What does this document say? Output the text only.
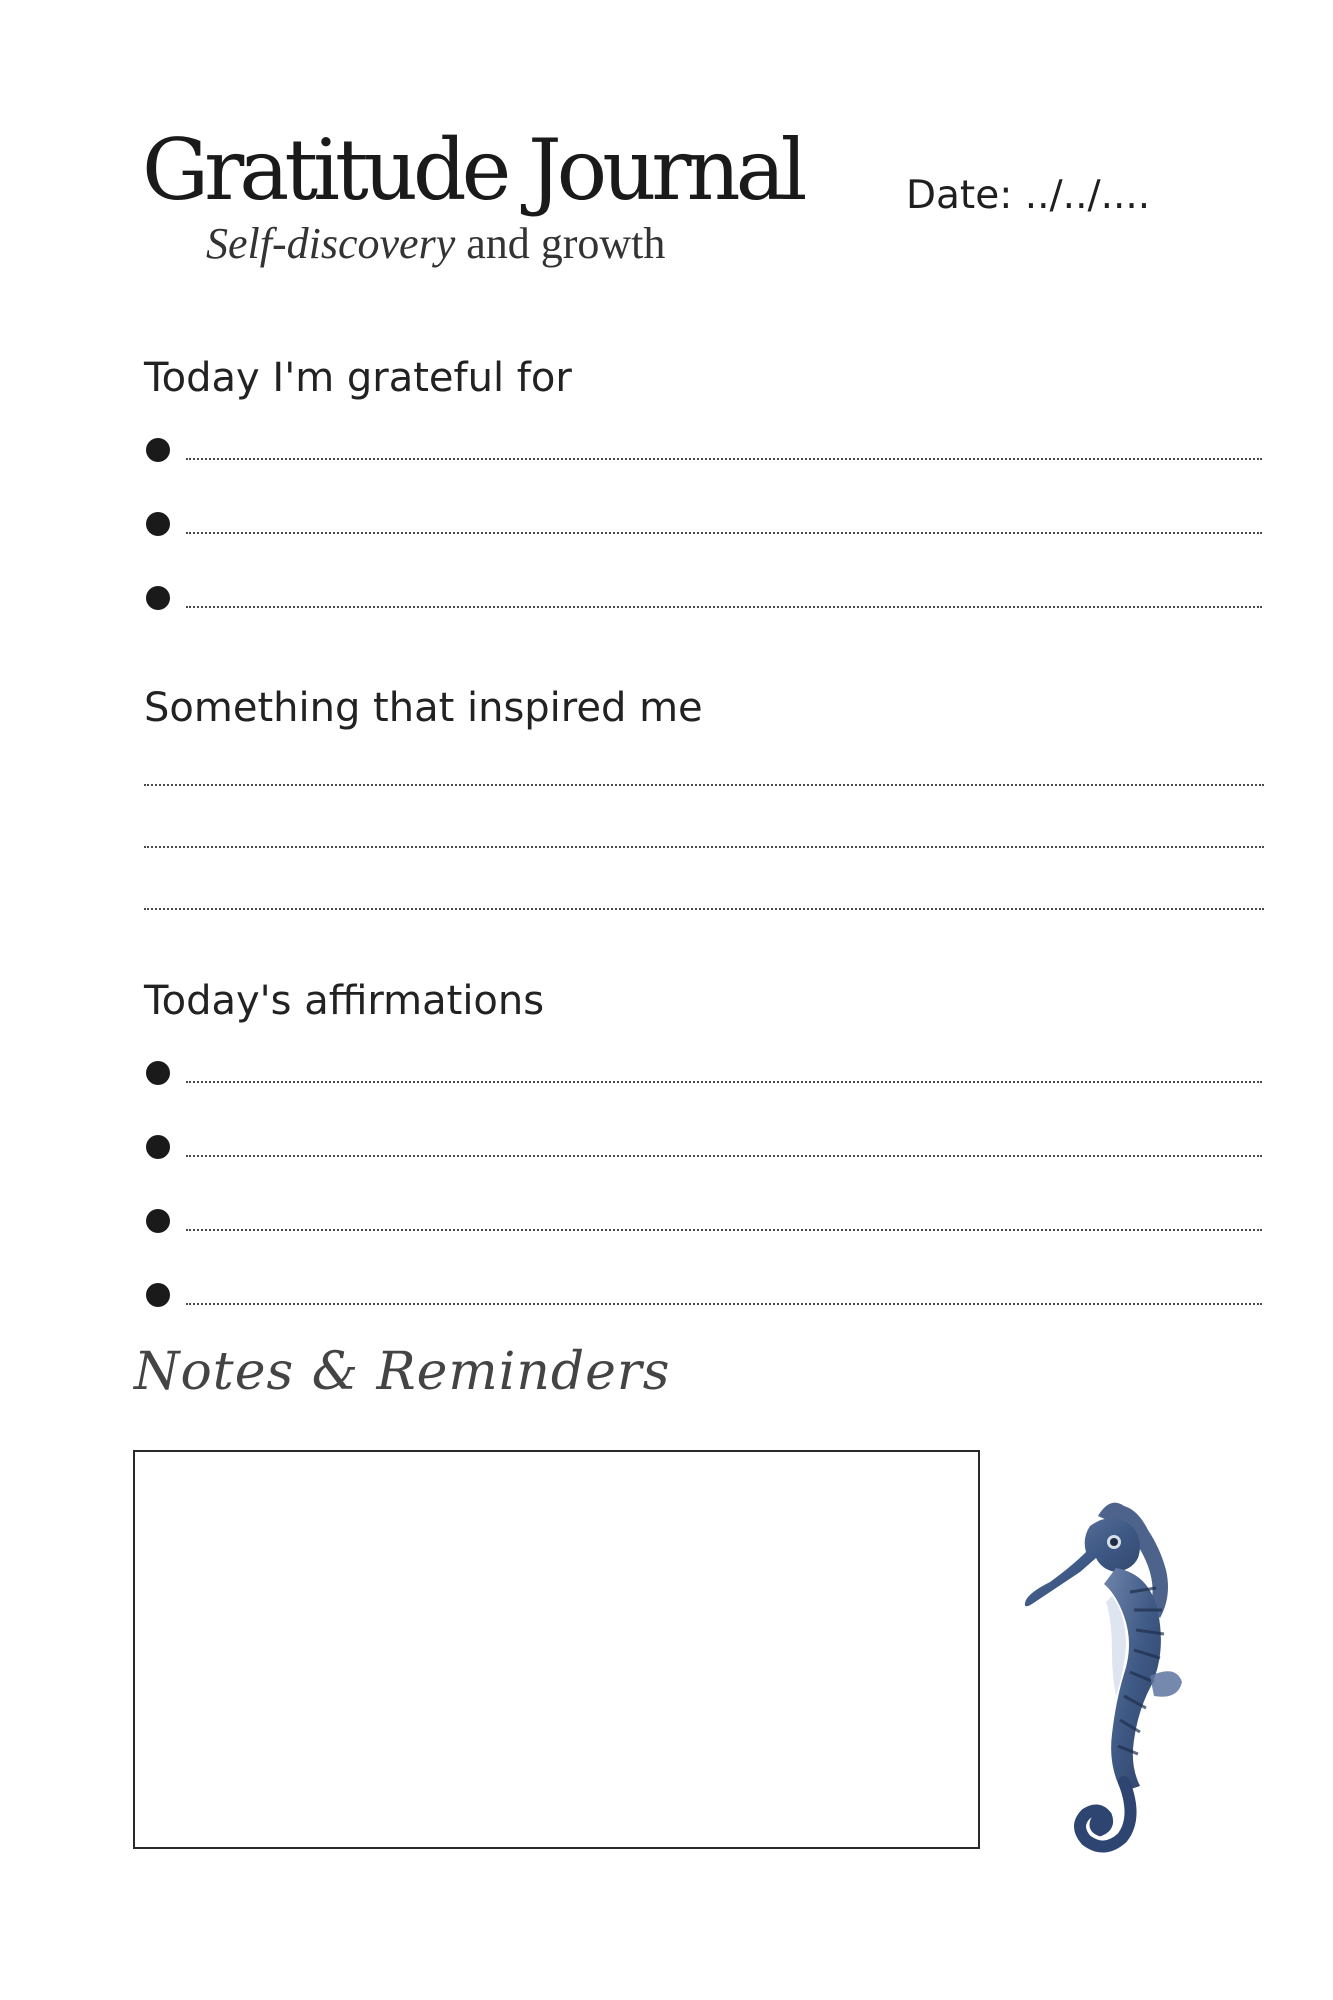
Gratitude Journal
Self-discovery and growth
Date: ../../....
Today I'm grateful for
Something that inspired me
Today's affirmations
Notes & Reminders
